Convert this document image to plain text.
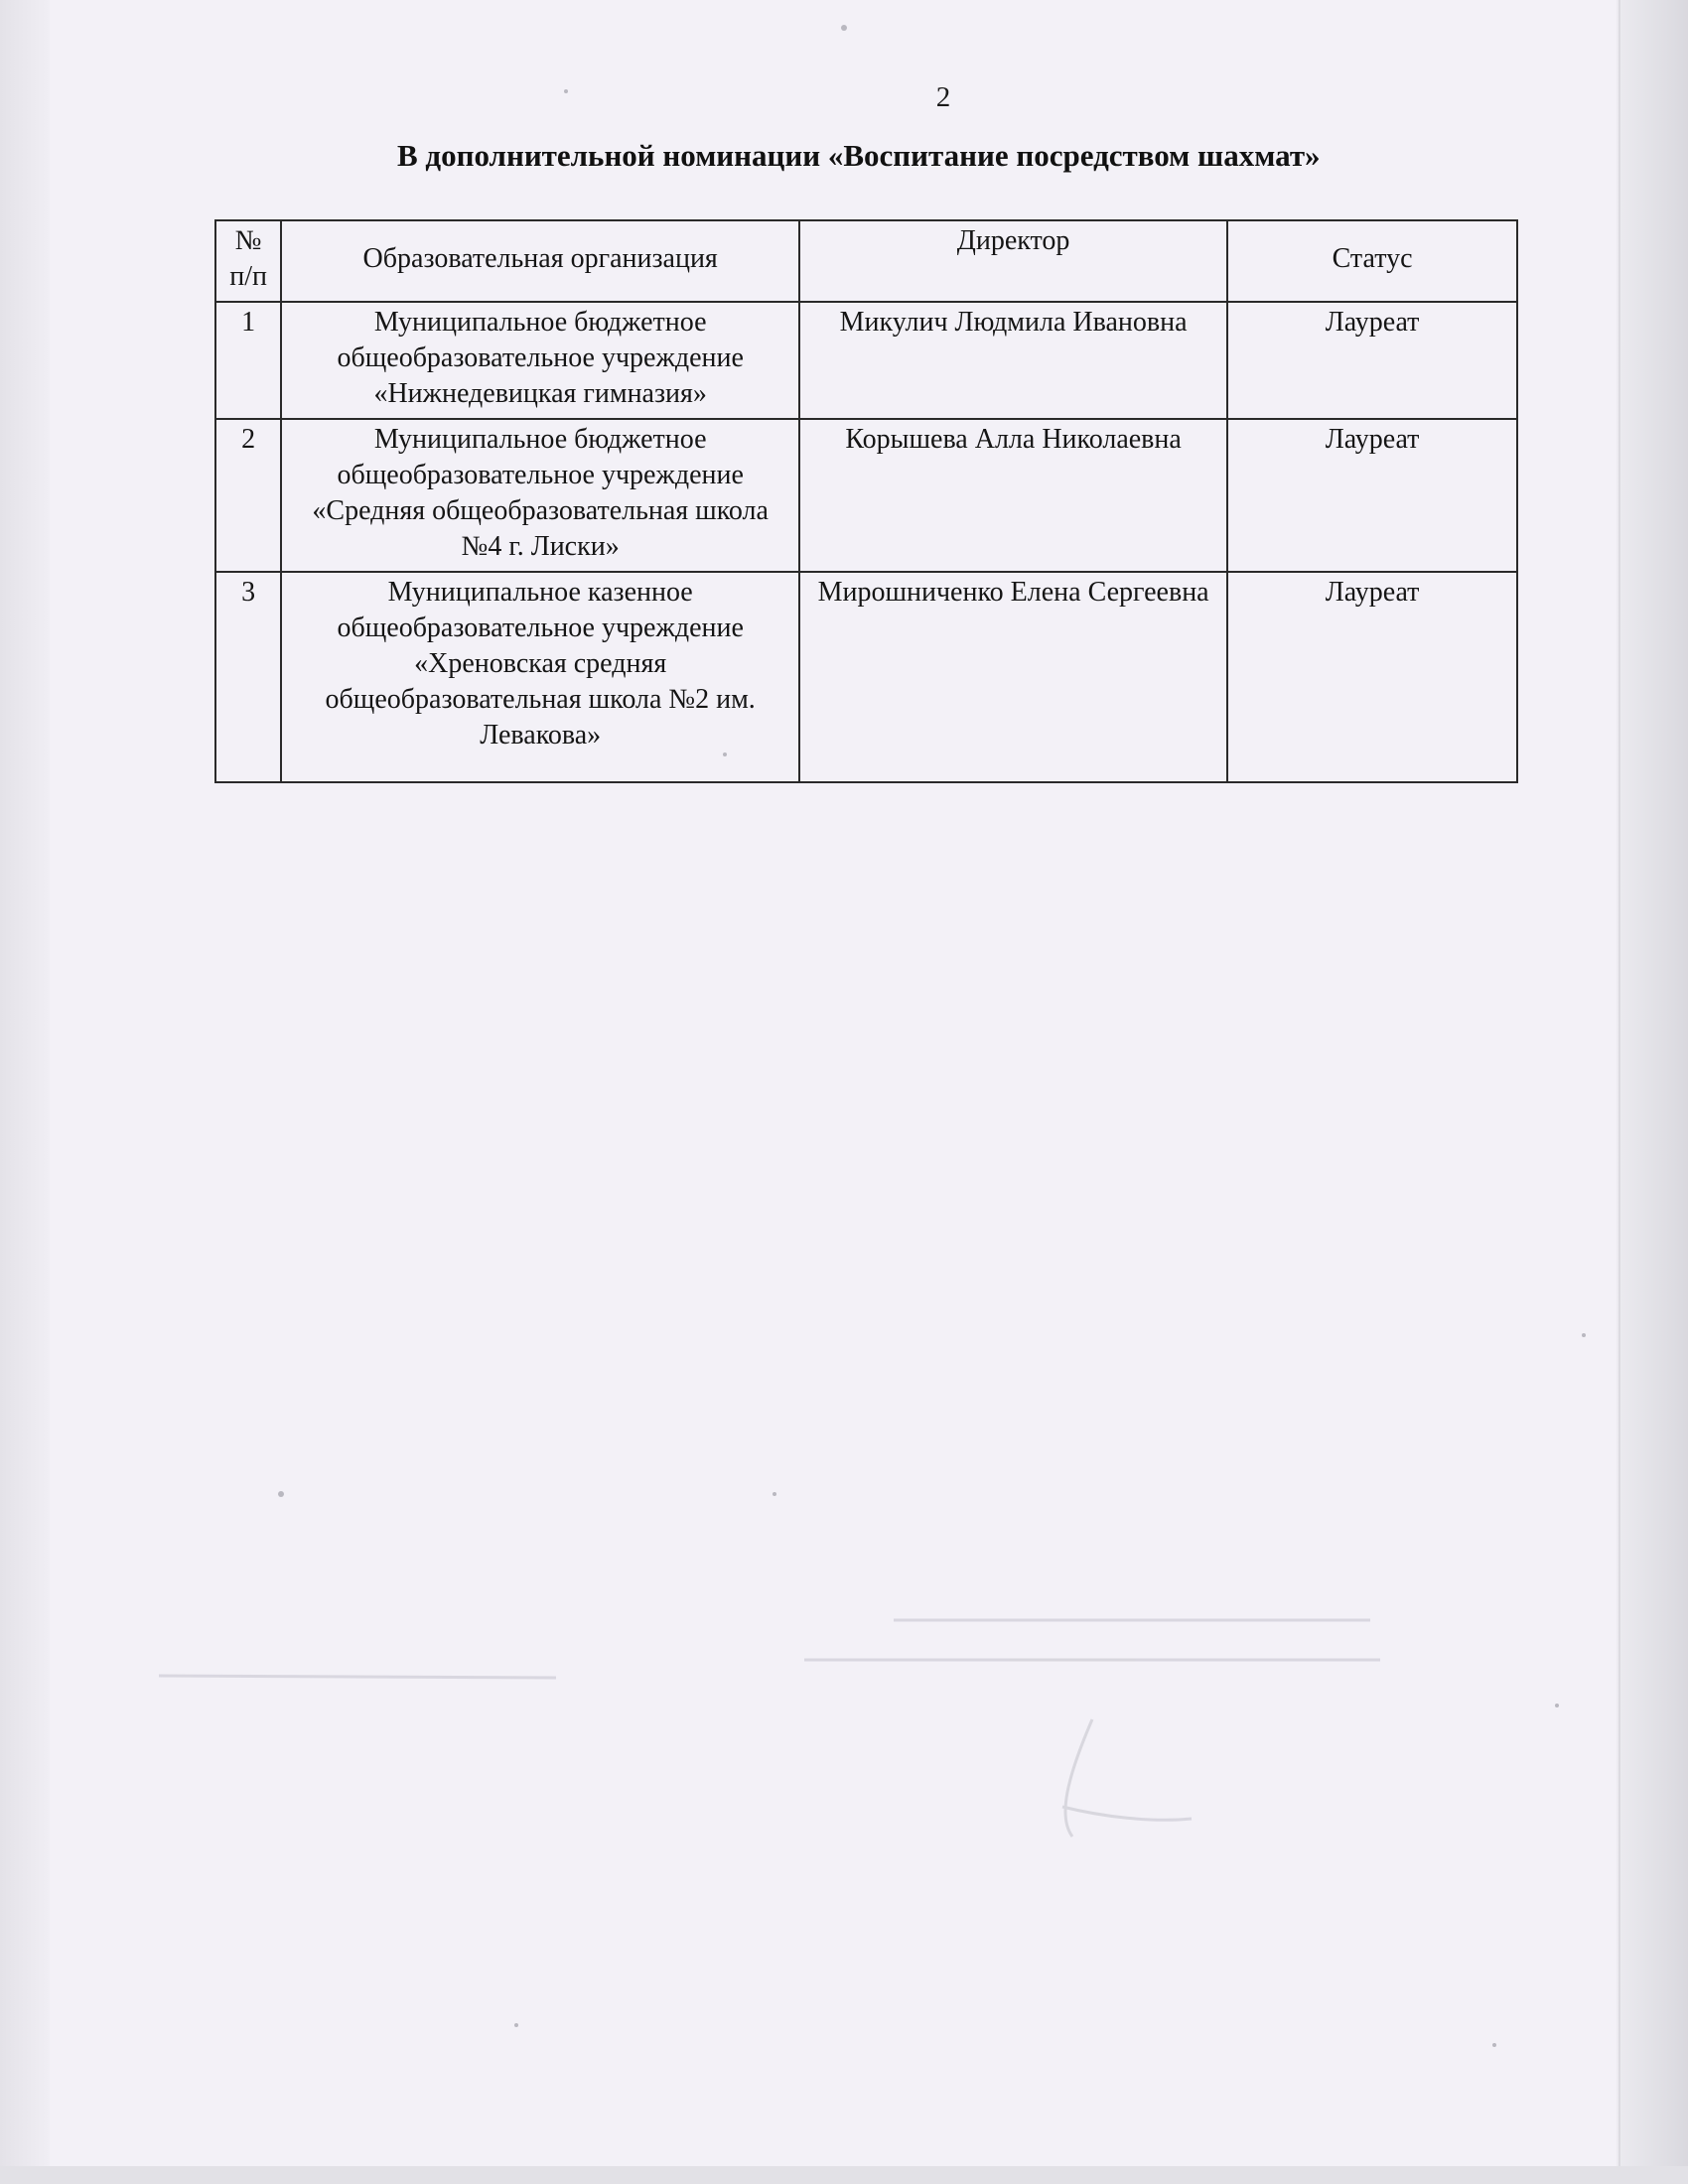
2
В дополнительной номинации «Воспитание посредством шахмат»
№ п/п	Образовательная организация	Директор	Статус
1	Муниципальное бюджетное общеобразовательное учреждение «Нижнедевицкая гимназия»	Микулич Людмила Ивановна	Лауреат
2	Муниципальное бюджетное общеобразовательное учреждение «Средняя общеобразовательная школа №4 г. Лиски»	Корышева Алла Николаевна	Лауреат
3	Муниципальное казенное общеобразовательное учреждение «Хреновская средняя общеобразовательная школа №2 им. Левакова»	Мирошниченко Елена Сергеевна	Лауреат
